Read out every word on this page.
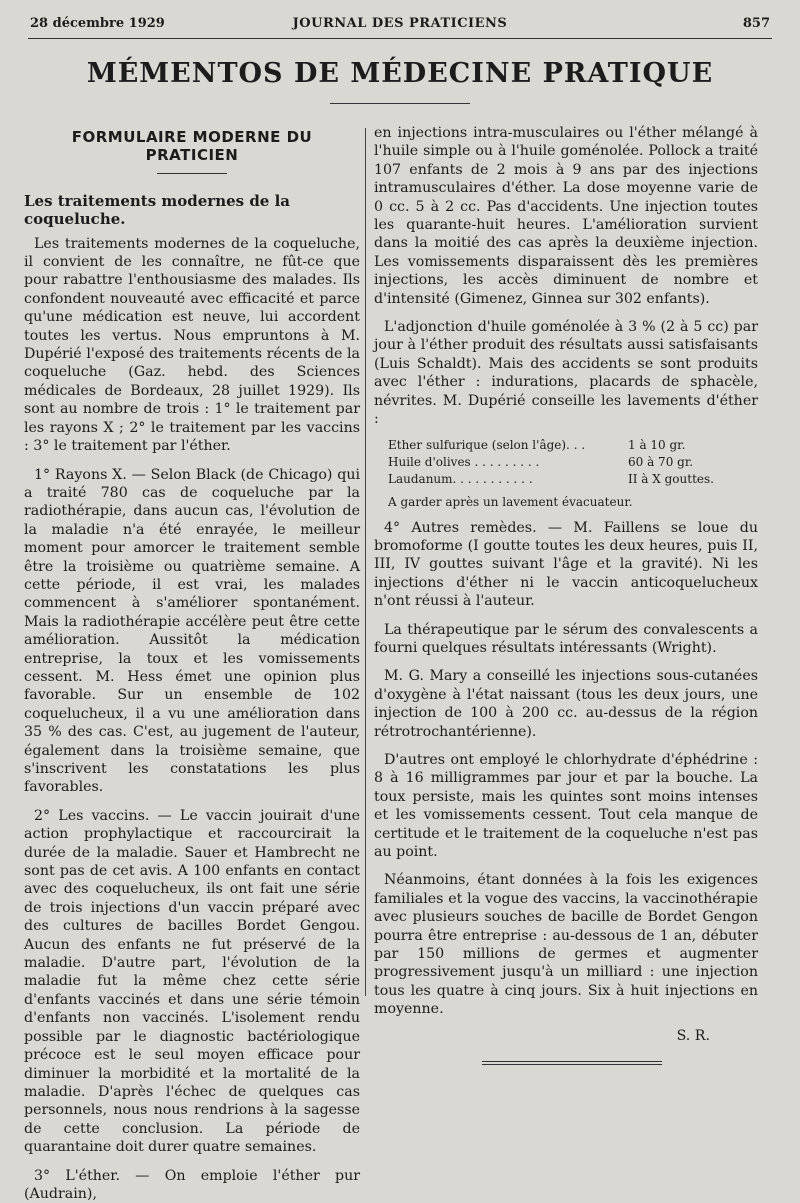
28 décembre 1929	JOURNAL DES PRATICIENS	857
MÉMENTOS DE MÉDECINE PRATIQUE
FORMULAIRE MODERNE DU PRATICIEN
Les traitements modernes de la coqueluche.

Les traitements modernes de la coqueluche, il convient de les connaître, ne fût-ce que pour rabattre l'enthousiasme des malades. Ils confondent nouveauté avec efficacité et parce qu'une médication est neuve, lui accordent toutes les vertus. Nous empruntons à M. Dupérié l'exposé des traitements récents de la coqueluche (Gaz. hebd. des Sciences médicales de Bordeaux, 28 juillet 1929). Ils sont au nombre de trois : 1° le traitement par les rayons X ; 2° le traitement par les vaccins : 3° le traitement par l'éther.

1° Rayons X. — Selon Black (de Chicago) qui a traité 780 cas de coqueluche par la radiothérapie, dans aucun cas, l'évolution de la maladie n'a été enrayée, le meilleur moment pour amorcer le traitement semble être la troisième ou quatrième semaine. A cette période, il est vrai, les malades commencent à s'améliorer spontanément. Mais la radiothérapie accélère peut être cette amélioration. Aussitôt la médication entreprise, la toux et les vomissements cessent. M. Hess émet une opinion plus favorable. Sur un ensemble de 102 coquelucheux, il a vu une amélioration dans 35 % des cas. C'est, au jugement de l'auteur, également dans la troisième semaine, que s'inscrivent les constatations les plus favorables.

2° Les vaccins. — Le vaccin jouirait d'une action prophylactique et raccourcirait la durée de la maladie. Sauer et Hambrecht ne sont pas de cet avis. A 100 enfants en contact avec des coquelucheux, ils ont fait une série de trois injections d'un vaccin préparé avec des cultures de bacilles Bordet Gengou. Aucun des enfants ne fut préservé de la maladie. D'autre part, l'évolution de la maladie fut la même chez cette série d'enfants vaccinés et dans une série témoin d'enfants non vaccinés. L'isolement rendu possible par le diagnostic bactériologique précoce est le seul moyen efficace pour diminuer la morbidité et la mortalité de la maladie. D'après l'échec de quelques cas personnels, nous nous rendrions à la sagesse de cette conclusion. La période de quarantaine doit durer quatre semaines.

3° L'éther. — On emploie l'éther pur (Audrain),

en injections intra-musculaires ou l'éther mélangé à l'huile simple ou à l'huile goménolée. Pollock a traité 107 enfants de 2 mois à 9 ans par des injections intramusculaires d'éther. La dose moyenne varie de 0 cc. 5 à 2 cc. Pas d'accidents. Une injection toutes les quarante-huit heures. L'amélioration survient dans la moitié des cas après la deuxième injection. Les vomissements disparaissent dès les premières injections, les accès diminuent de nombre et d'intensité (Gimenez, Ginnea sur 302 enfants).

L'adjonction d'huile goménolée à 3 % (2 à 5 cc) par jour à l'éther produit des résultats aussi satisfaisants (Luis Schaldt). Mais des accidents se sont produits avec l'éther : indurations, placards de sphacèle, névrites. M. Dupérié conseille les lavements d'éther :

Ether sulfurique (selon l'âge). . .	1 à 10 gr.
Huile d'olives . . . . . . . . .	60 à 70 gr.
Laudanum. . . . . . . . . . .	II à X gouttes.
A garder après un lavement évacuateur.

4° Autres remèdes. — M. Faillens se loue du bromoforme (I goutte toutes les deux heures, puis II, III, IV gouttes suivant l'âge et la gravité). Ni les injections d'éther ni le vaccin anticoquelucheux n'ont réussi à l'auteur.

La thérapeutique par le sérum des convalescents a fourni quelques résultats intéressants (Wright).

M. G. Mary a conseillé les injections sous-cutanées d'oxygène à l'état naissant (tous les deux jours, une injection de 100 à 200 cc. au-dessus de la région rétrotrochantérienne).

D'autres ont employé le chlorhydrate d'éphédrine : 8 à 16 milligrammes par jour et par la bouche. La toux persiste, mais les quintes sont moins intenses et les vomissements cessent. Tout cela manque de certitude et le traitement de la coqueluche n'est pas au point.

Néanmoins, étant données à la fois les exigences familiales et la vogue des vaccins, la vaccinothérapie avec plusieurs souches de bacille de Bordet Gengon pourra être entreprise : au-dessous de 1 an, débuter par 150 millions de germes et augmenter progressivement jusqu'à un milliard : une injection tous les quatre à cinq jours. Six à huit injections en moyenne.

S. R.
